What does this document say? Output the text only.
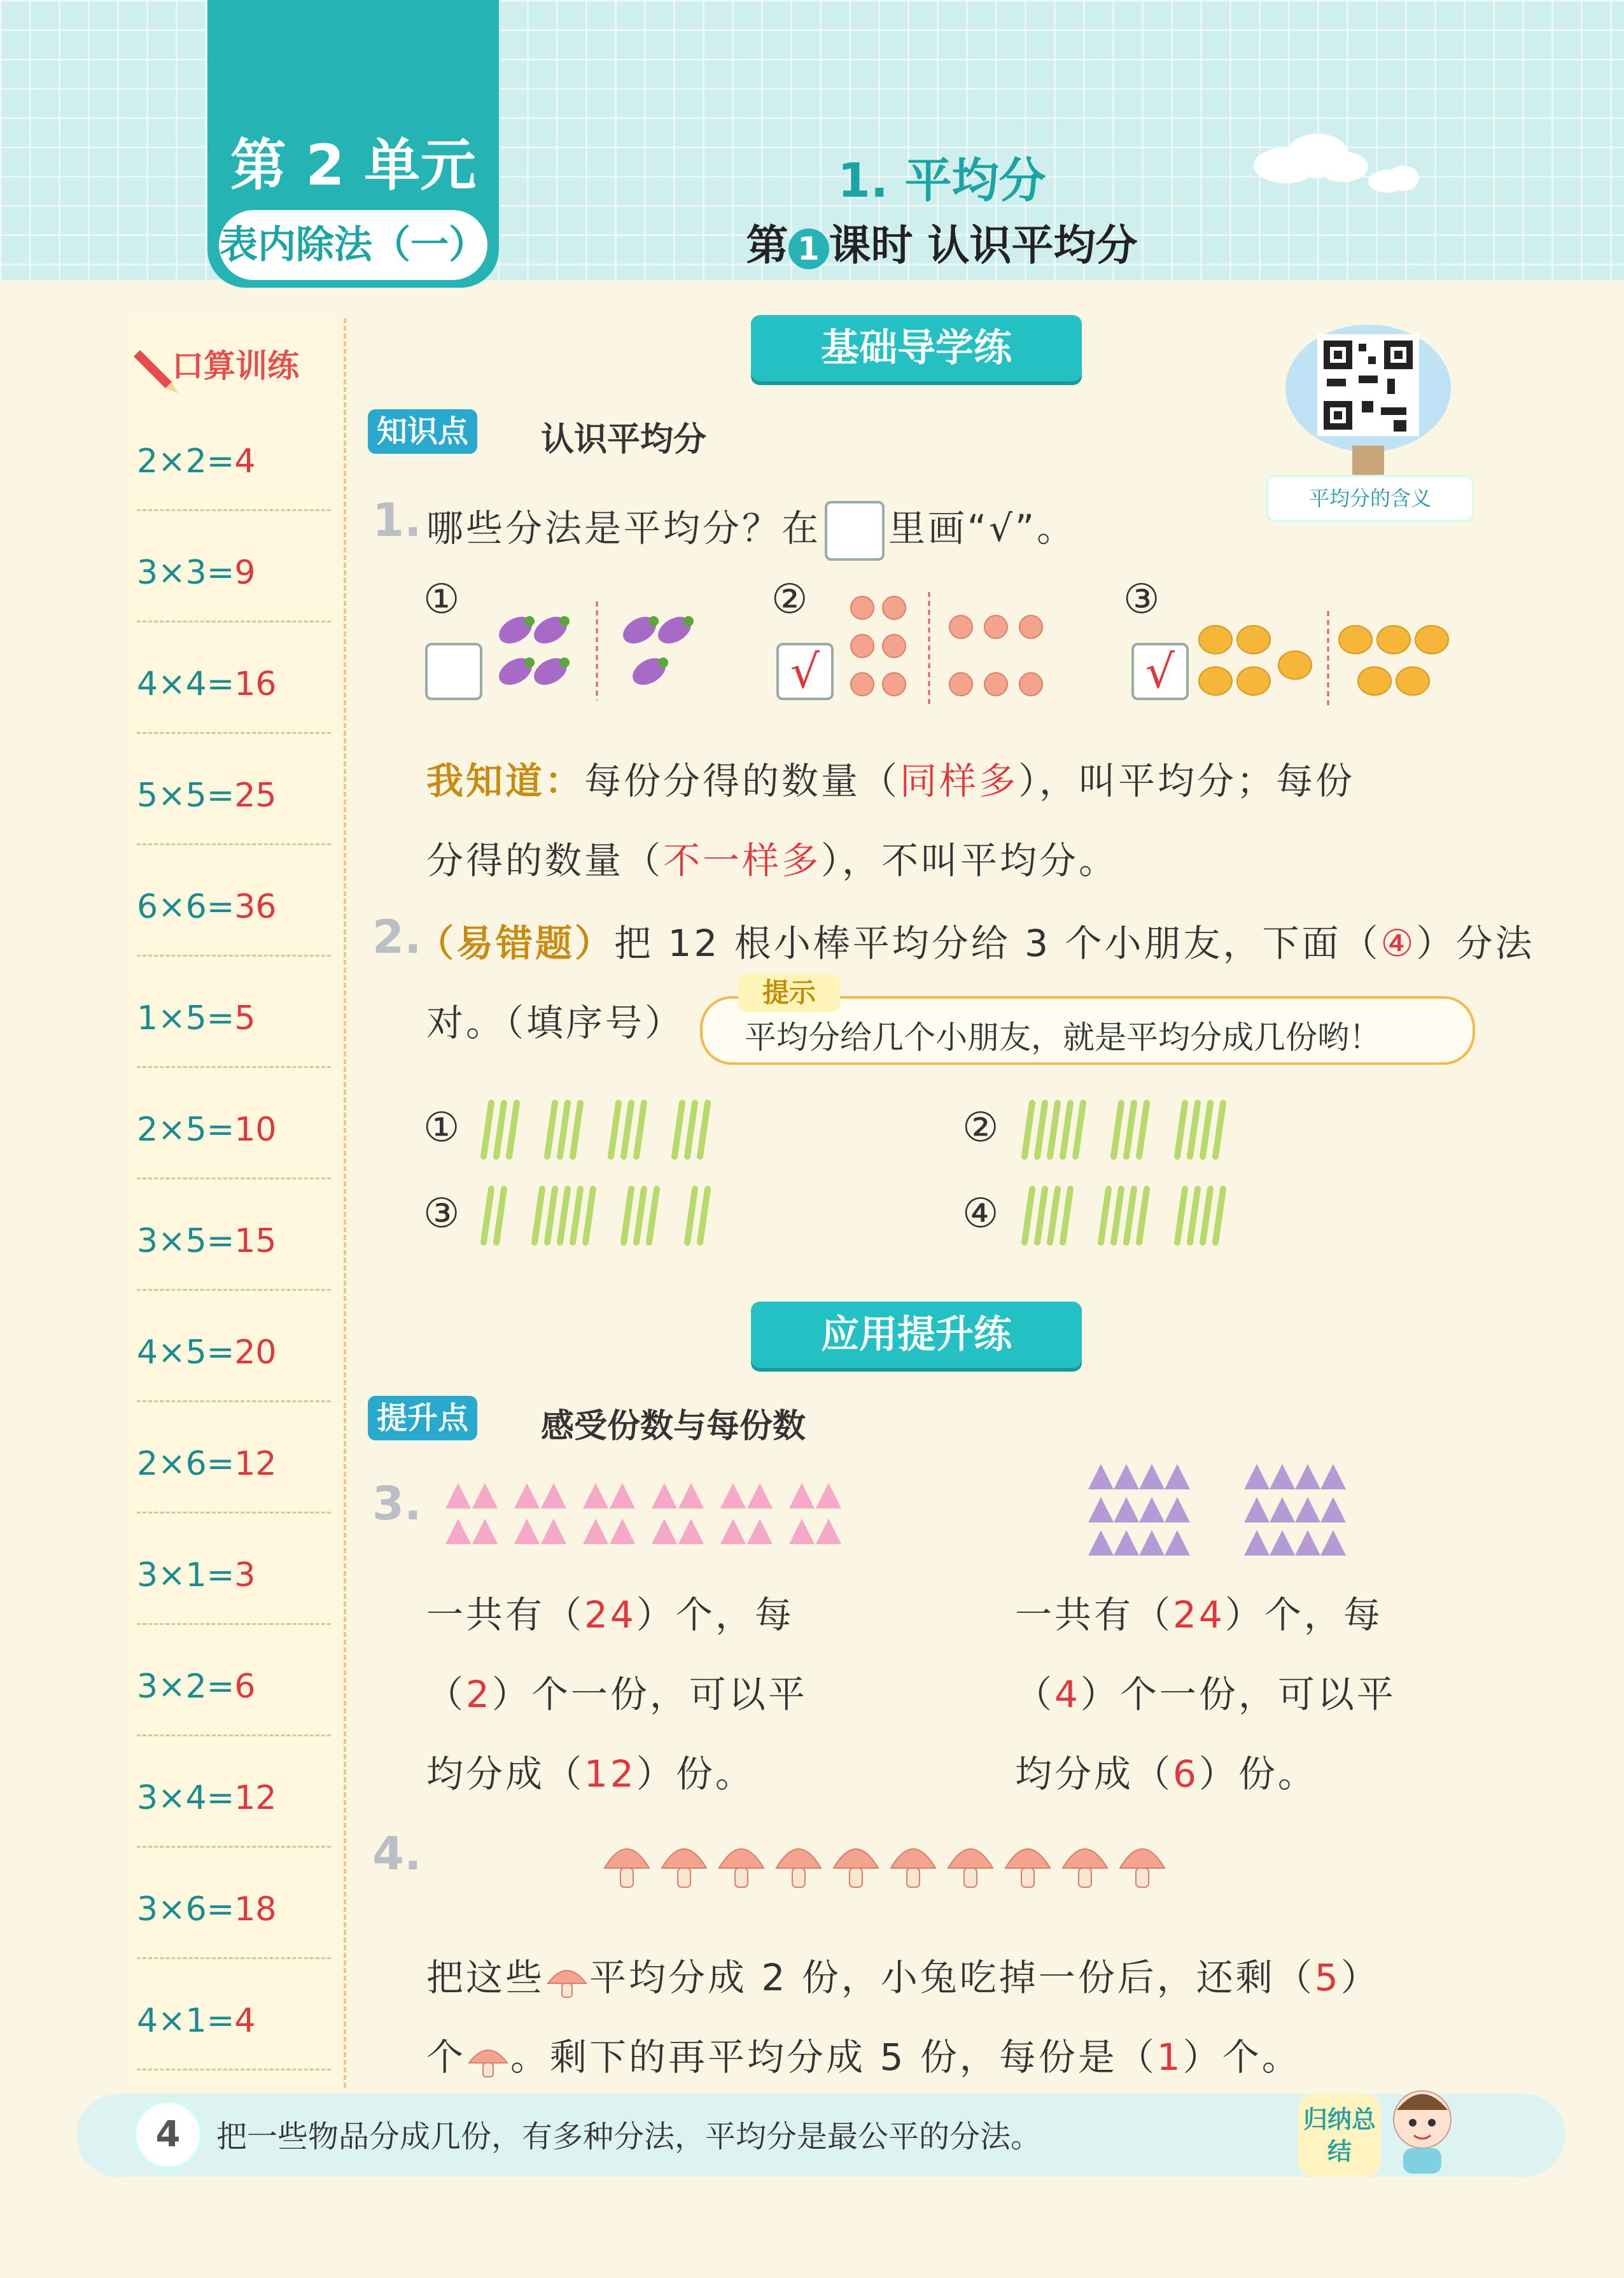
第 2 单元
表内除法（一）
1. 平均分
第 1 课时 认识平均分
平均分的含义
口算训练
2×2=4
3×3=9
4×4=16
5×5=25
6×6=36
1×5=5
2×5=10
3×5=15
4×5=20
2×6=12
3×1=3
3×2=6
3×4=12
3×6=18
4×1=4
基础导学练
知识点 认识平均分
1. 哪些分法是平均分？在 里画“√”。
①	②
√
③
√
我知道：每份分得的数量（同样多），叫平均分；每份
分得的数量（不一样多），不叫平均分。
2.
（易错题）把 12 根小棒平均分给 3 个小朋友，下面（④）分法
对。（填序号）
提示
平均分给几个小朋友，就是平均分成几份哟！
①	②
③	④
应用提升练
提升点 感受份数与每份数
3.
一共有（24）个，每
（2）个一份，可以平
均分成（12）份。
一共有（24）个，每
（4）个一份，可以平
均分成（6）份。
4.
把这些 平均分成 2 份，小兔吃掉一份后，还剩（5）
个 。剩下的再平均分成 5 份，每份是（1）个。
4	把一些物品分成几份，有多种分法，平均分是最公平的分法。	归纳总结
